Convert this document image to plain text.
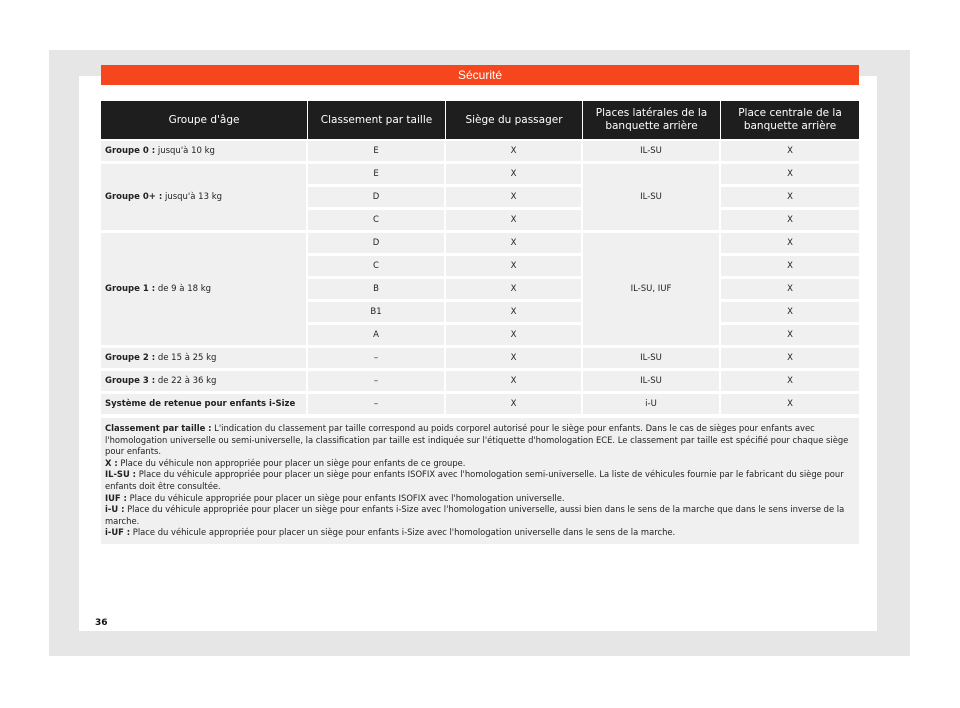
Sécurité
Groupe d'âge	Classement par taille	Siège du passager	Places latérales de la banquette arrière	Place centrale de la banquette arrière
Groupe 0 : jusqu'à 10 kg	E	X	IL-SU	X
Groupe 0+ : jusqu'à 13 kg	E	X	IL-SU	X
	D	X		X
	C	X		X
Groupe 1 : de 9 à 18 kg	D	X	IL-SU, IUF	X
	C	X		X
	B	X		X
	B1	X		X
	A	X		X
Groupe 2 : de 15 à 25 kg	–	X	IL-SU	X
Groupe 3 : de 22 à 36 kg	–	X	IL-SU	X
Système de retenue pour enfants i-Size	–	X	i-U	X

Classement par taille : L'indication du classement par taille correspond au poids corporel autorisé pour le siège pour enfants. Dans le cas de sièges pour enfants avec l'homologation universelle ou semi-universelle, la classification par taille est indiquée sur l'étiquette d'homologation ECE. Le classement par taille est spécifié pour chaque siège pour enfants.

X : Place du véhicule non appropriée pour placer un siège pour enfants de ce groupe.

IL-SU : Place du véhicule appropriée pour placer un siège pour enfants ISOFIX avec l'homologation semi-universelle. La liste de véhicules fournie par le fabricant du siège pour enfants doit être consultée.

IUF : Place du véhicule appropriée pour placer un siège pour enfants ISOFIX avec l'homologation universelle.

i-U : Place du véhicule appropriée pour placer un siège pour enfants i-Size avec l'homologation universelle, aussi bien dans le sens de la marche que dans le sens inverse de la marche.

i-UF : Place du véhicule appropriée pour placer un siège pour enfants i-Size avec l'homologation universelle dans le sens de la marche.

36
